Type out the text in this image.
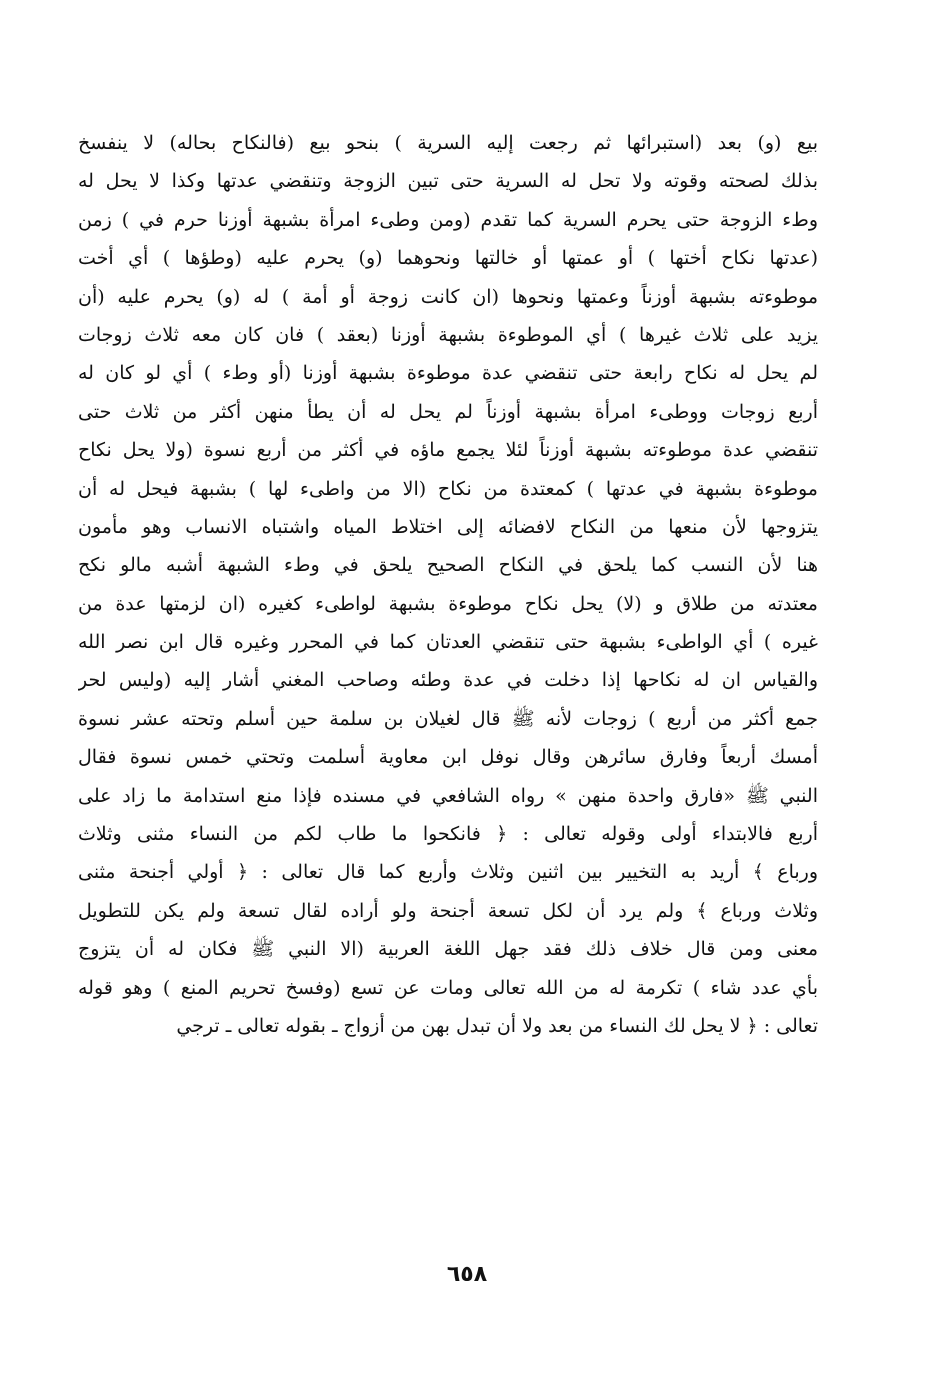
بيع (و) بعد (استبرائها ثم رجعت إليه السرية ) بنحو بيع (فالنكاح بحاله) لا ينفسخ
بذلك لصحته وقوته ولا تحل له السرية حتى تبين الزوجة وتنقضي عدتها وكذا لا يحل له
وطء الزوجة حتى يحرم السرية كما تقدم (ومن وطىء امرأة بشبهة أوزنا حرم في ) زمن
(عدتها نكاح أختها ) أو عمتها أو خالتها ونحوهما (و) يحرم عليه (وطؤها ) أي أخت
موطوءته بشبهة أوزناً وعمتها ونحوها (ان كانت زوجة أو أمة ) له (و) يحرم عليه (أن
يزيد على ثلاث غيرها ) أي الموطوءة بشبهة أوزنا (بعقد ) فان كان معه ثلاث زوجات
لم يحل له نكاح رابعة حتى تنقضي عدة موطوءة بشبهة أوزنا (أو وطء ) أي لو كان له
أربع زوجات ووطىء امرأة بشبهة أوزناً لم يحل له أن يطأ منهن أكثر من ثلاث حتى
تنقضي عدة موطوءته بشبهة أوزناً لئلا يجمع ماؤه في أكثر من أربع نسوة (ولا يحل نكاح
موطوءة بشبهة في عدتها ) كمعتدة من نكاح (الا من واطىء لها ) بشبهة فيحل له أن
يتزوجها لأن منعها من النكاح لافضائه إلى اختلاط المياه واشتباه الانساب وهو مأمون
هنا لأن النسب كما يلحق في النكاح الصحيح يلحق في وطء الشبهة أشبه مالو نكح
معتدته من طلاق و (لا) يحل نكاح موطوءة بشبهة لواطىء كغيره (ان لزمتها عدة من
غيره ) أي الواطىء بشبهة حتى تنقضي العدتان كما في المحرر وغيره قال ابن نصر الله
والقياس ان له نكاحها إذا دخلت في عدة وطئه وصاحب المغني أشار إليه (وليس لحر
جمع أكثر من أربع ) زوجات لأنه ﷺ قال لغيلان بن سلمة حين أسلم وتحته عشر نسوة
أمسك أربعاً وفارق سائرهن وقال نوفل ابن معاوية أسلمت وتحتي خمس نسوة فقال
النبي ﷺ «فارق واحدة منهن » رواه الشافعي في مسنده فإذا منع استدامة ما زاد على
أربع فالابتداء أولى وقوله تعالى : ﴿ فانكحوا ما طاب لكم من النساء مثنى وثلاث
ورباع ﴾ أريد به التخيير بين اثنين وثلاث وأربع كما قال تعالى : ﴿ أولي أجنحة مثنى
وثلاث ورباع ﴾ ولم يرد أن لكل تسعة أجنحة ولو أراده لقال تسعة ولم يكن للتطويل
معنى ومن قال خلاف ذلك فقد جهل اللغة العربية (الا النبي ﷺ فكان له أن يتزوج
بأي عدد شاء ) تكرمة له من الله تعالى ومات عن تسع (وفسخ تحريم المنع ) وهو قوله
تعالى : ﴿ لا يحل لك النساء من بعد ولا أن تبدل بهن من أزواج ـ بقوله تعالى ـ ترجي
٦٥٨
